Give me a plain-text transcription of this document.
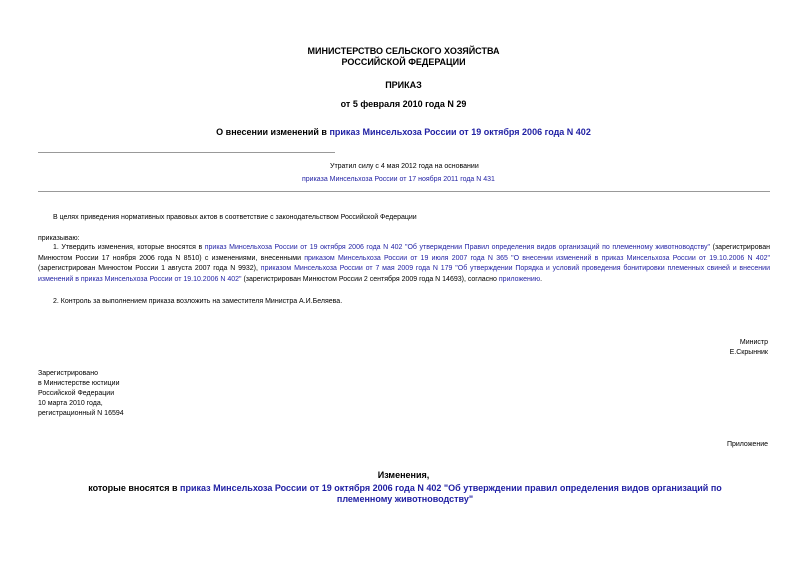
МИНИСТЕРСТВО СЕЛЬСКОГО ХОЗЯЙСТВА
РОССИЙСКОЙ ФЕДЕРАЦИИ
ПРИКАЗ
от 5 февраля 2010 года N 29
О внесении изменений в приказ Минсельхоза России от 19 октября 2006 года N 402
Утратил силу с 4 мая 2012 года на основании
приказа Минсельхоза России от 17 ноября 2011 года N 431
В целях приведения нормативных правовых актов в соответствие с законодательством Российской Федерации
приказываю:
1. Утвердить изменения, которые вносятся в приказ Минсельхоза России от 19 октября 2006 года N 402 "Об утверждении Правил определения видов организаций по племенному животноводству" (зарегистрирован Минюстом России 17 ноября 2006 года N 8510) с изменениями, внесенными приказом Минсельхоза России от 19 июля 2007 года N 365 "О внесении изменений в приказ Минсельхоза России от 19.10.2006 N 402" (зарегистрирован Минюстом России 1 августа 2007 года N 9932), приказом Минсельхоза России от 7 мая 2009 года N 179 "Об утверждении Порядка и условий проведения бонитировки племенных свиней и внесении изменений в приказ Минсельхоза России от 19.10.2006 N 402" (зарегистрирован Минюстом России 2 сентября 2009 года N 14693), согласно приложению.
2. Контроль за выполнением приказа возложить на заместителя Министра А.И.Беляева.
Министр
Е.Скрынник
Зарегистрировано
в Министерстве юстиции
Российской Федерации
10 марта 2010 года,
регистрационный N 16594
Приложение
Изменения,
которые вносятся в приказ Минсельхоза России от 19 октября 2006 года N 402 "Об утверждении правил определения видов организаций по племенному животноводству"
